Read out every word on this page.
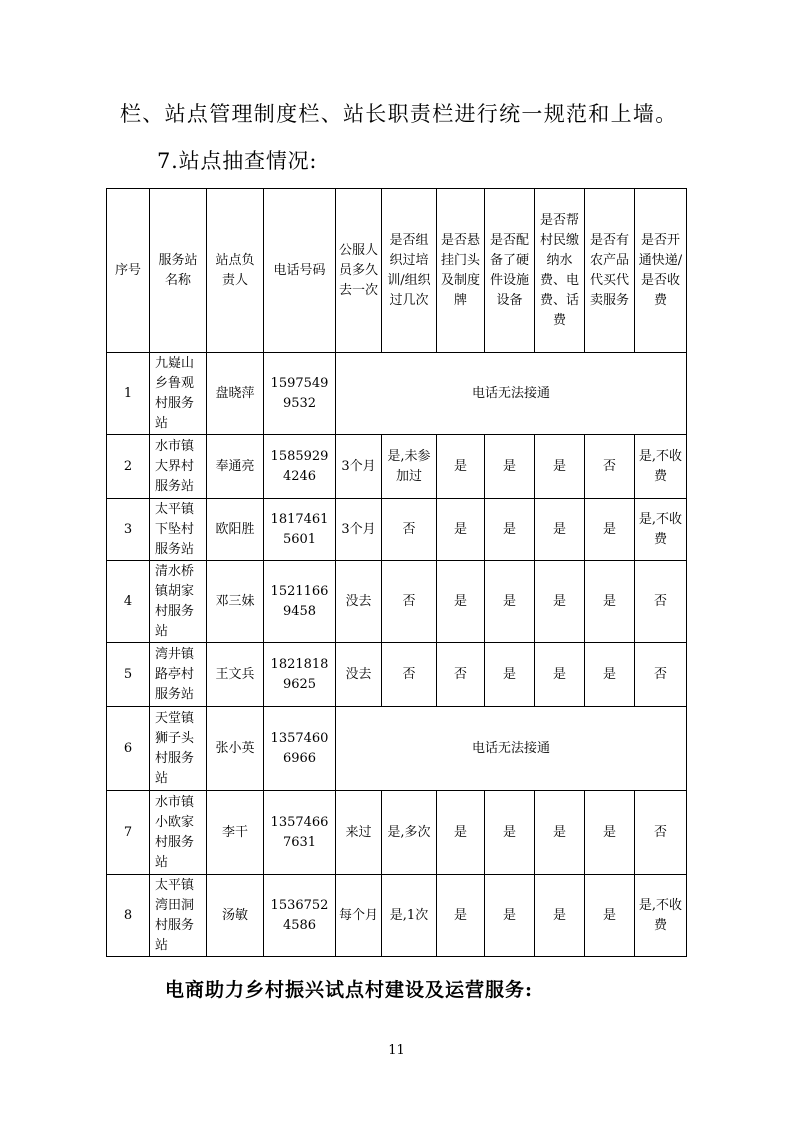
栏、站点管理制度栏、站长职责栏进行统一规范和上墙。
7.站点抽查情况:
序号	服务站名称	站点负责人	电话号码	公服人员多久去一次	是否组织过培训/组织过几次	是否悬挂门头及制度牌	是否配备了硬件设施设备	是否帮村民缴纳水费、电费、话费	是否有农产品代买代卖服务	是否开通快递/是否收费
1	九嶷山乡鲁观村服务站	盘晓萍	15975499532	电话无法接通						
2	水市镇大界村服务站	奉通亮	15859294246	3个月	是,未参加过	是	是	是	否	是,不收费
3	太平镇下坠村服务站	欧阳胜	18174615601	3个月	否	是	是	是	是	是,不收费
4	清水桥镇胡家村服务站	邓三妹	15211669458	没去	否	是	是	是	是	否
5	湾井镇路亭村服务站	王文兵	18218189625	没去	否	否	是	是	是	否
6	天堂镇狮子头村服务站	张小英	13574606966	电话无法接通						
7	水市镇小欧家村服务站	李干	13574667631	来过	是,多次	是	是	是	是	否
8	太平镇湾田洞村服务站	汤敏	15367524586	每个月	是,1次	是	是	是	是	是,不收费
电商助力乡村振兴试点村建设及运营服务:
11
